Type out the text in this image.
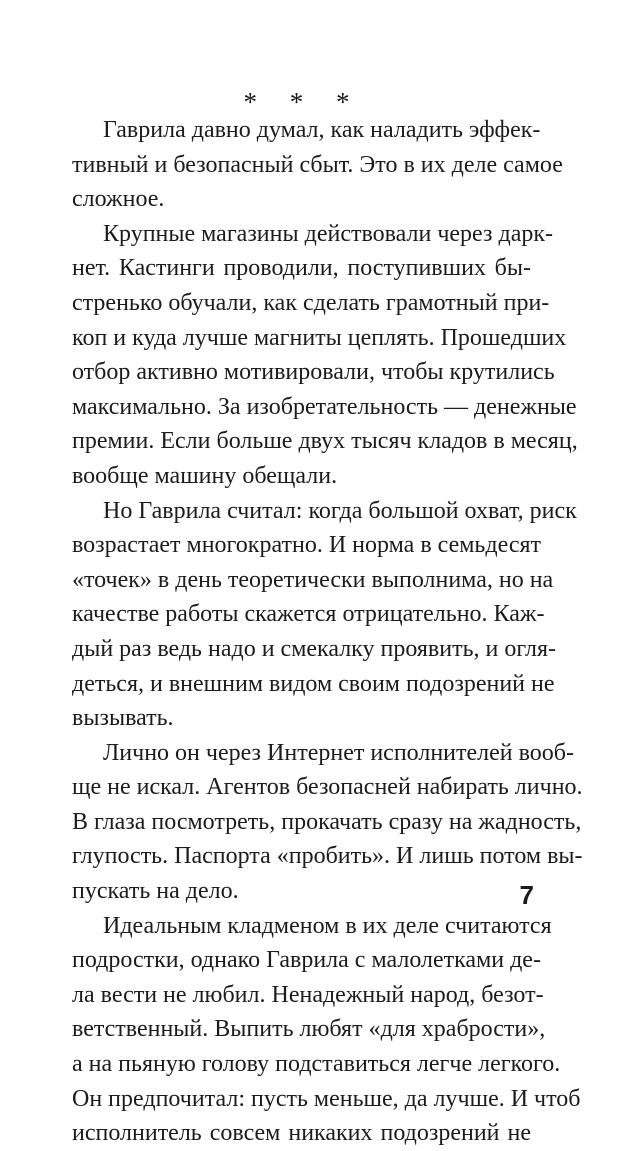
* * *
Гаврила давно думал, как наладить эффек-
тивный и безопасный сбыт. Это в их деле самое
сложное.
Крупные магазины действовали через дарк-
нет. Кастинги проводили, поступивших бы-
стренько обучали, как сделать грамотный при-
коп и куда лучше магниты цеплять. Прошедших
отбор активно мотивировали, чтобы крутились
максимально. За изобретательность — денежные
премии. Если больше двух тысяч кладов в месяц,
вообще машину обещали.
Но Гаврила считал: когда большой охват, риск
возрастает многократно. И норма в семьдесят
«точек» в день теоретически выполнима, но на
качестве работы скажется отрицательно. Каж-
дый раз ведь надо и смекалку проявить, и огля-
деться, и внешним видом своим подозрений не
вызывать.
Лично он через Интернет исполнителей вооб-
ще не искал. Агентов безопасней набирать лично.
В глаза посмотреть, прокачать сразу на жадность,
глупость. Паспорта «пробить». И лишь потом вы-
пускать на дело.
Идеальным кладменом в их деле считаются
подростки, однако Гаврила с малолетками де-
ла вести не любил. Ненадежный народ, безот-
ветственный. Выпить любят «для храбрости»,
а на пьяную голову подставиться легче легкого.
Он предпочитал: пусть меньше, да лучше. И чтоб
исполнитель совсем никаких подозрений не
7
